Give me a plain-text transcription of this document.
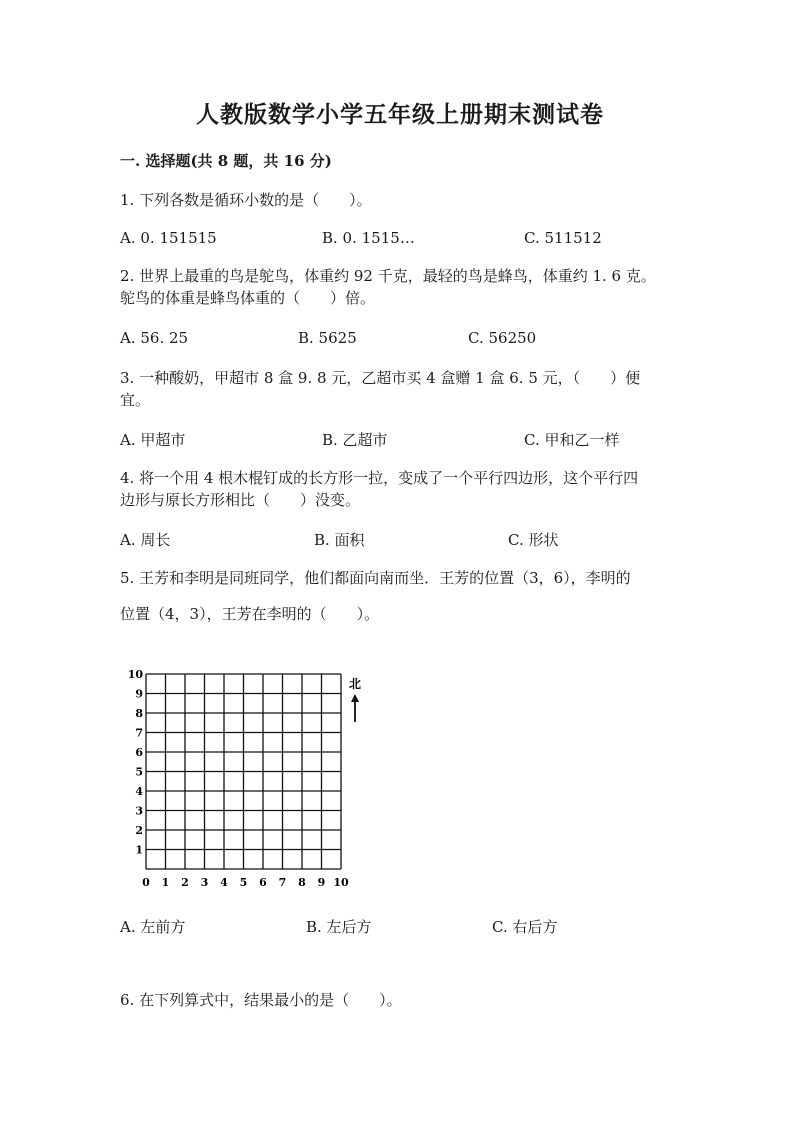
人教版数学小学五年级上册期末测试卷
一. 选择题(共 8 题，共 16 分)
1. 下列各数是循环小数的是（　　）。
A. 0. 151515	B. 0. 1515…	C. 511512
2. 世界上最重的鸟是鸵鸟，体重约 92 千克，最轻的鸟是蜂鸟，体重约 1. 6 克。
鸵鸟的体重是蜂鸟体重的（　　）倍。
A. 56. 25	B. 5625	C. 56250
3. 一种酸奶，甲超市 8 盒 9. 8 元，乙超市买 4 盒赠 1 盒 6. 5 元，（　　）便
宜。
A. 甲超市	B. 乙超市	C. 甲和乙一样
4. 将一个用 4 根木棍钉成的长方形一拉，变成了一个平行四边形，这个平行四
边形与原长方形相比（　　）没变。
A. 周长	B. 面积	C. 形状
5. 王芳和李明是同班同学，他们都面向南而坐．王芳的位置（3，6），李明的
位置（4，3），王芳在李明的（　　）。
0 1 2 3 4 5 6 7 8 9 10
1
2
3
4
5
6
7
8
9
10
北
A. 左前方	B. 左后方	C. 右后方
6. 在下列算式中，结果最小的是（　　）。
